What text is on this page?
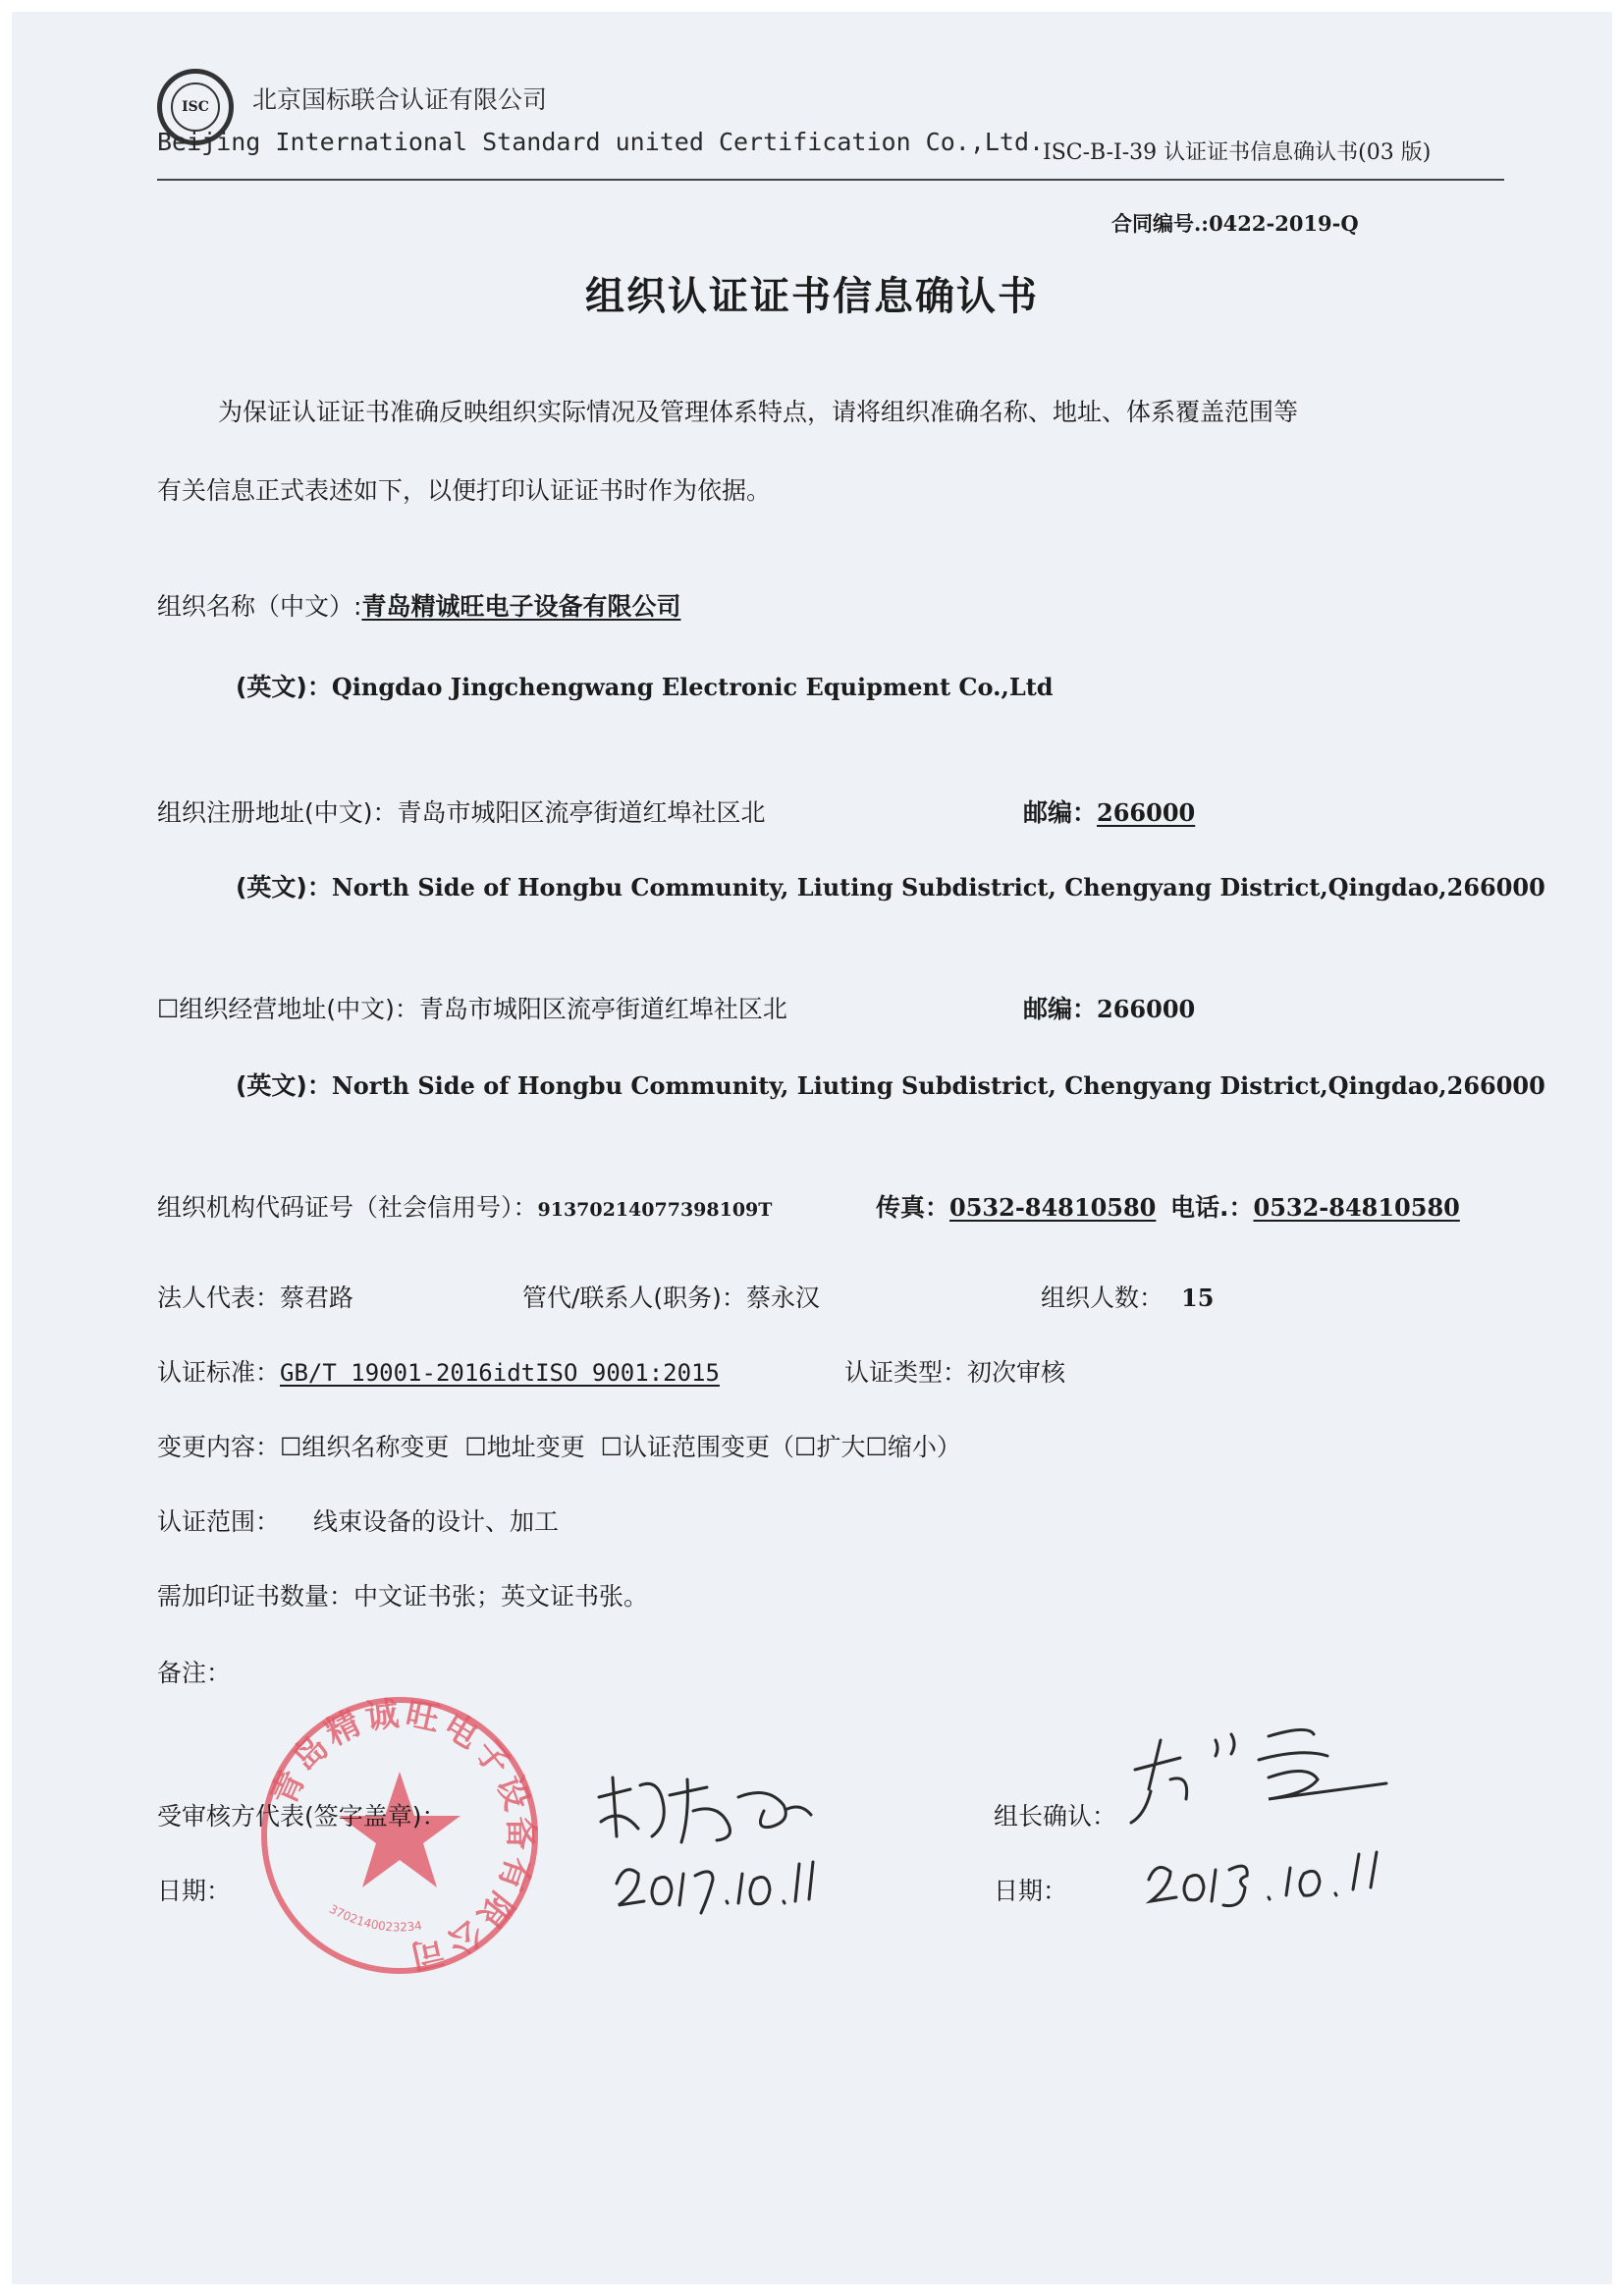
ISC	北京国标联合认证有限公司
Beijing International Standard united Certification Co.,Ltd.
ISC-B-I-39 认证证书信息确认书(03 版)
合同编号.:0422-2019-Q
组织认证证书信息确认书
为保证认证证书准确反映组织实际情况及管理体系特点，请将组织准确名称、地址、体系覆盖范围等
有关信息正式表述如下，以便打印认证证书时作为依据。
组织名称（中文）:青岛精诚旺电子设备有限公司
(英文)：Qingdao Jingchengwang Electronic Equipment Co.,Ltd
组织注册地址(中文)：青岛市城阳区流亭街道红埠社区北	邮编：266000
(英文)：North Side of Hongbu Community, Liuting Subdistrict, Chengyang District,Qingdao,266000
☐组织经营地址(中文)：青岛市城阳区流亭街道红埠社区北	邮编：266000
(英文)：North Side of Hongbu Community, Liuting Subdistrict, Chengyang District,Qingdao,266000
组织机构代码证号（社会信用号）：91370214077398109T	传真：0532-84810580 电话.：0532-84810580
法人代表：蔡君路	管代/联系人(职务)：蔡永汉	组织人数： 15
认证标准：GB/T 19001-2016idtISO 9001:2015	认证类型：初次审核
变更内容：☐组织名称变更  ☐地址变更  ☐认证范围变更（☐扩大☐缩小）
认证范围： 线束设备的设计、加工
需加印证书数量：中文证书张；英文证书张。
备注：
青岛精诚旺电子设备有限公司
3702140023234
受审核方代表(签字盖章)：
日期：
组长确认：
日期：
